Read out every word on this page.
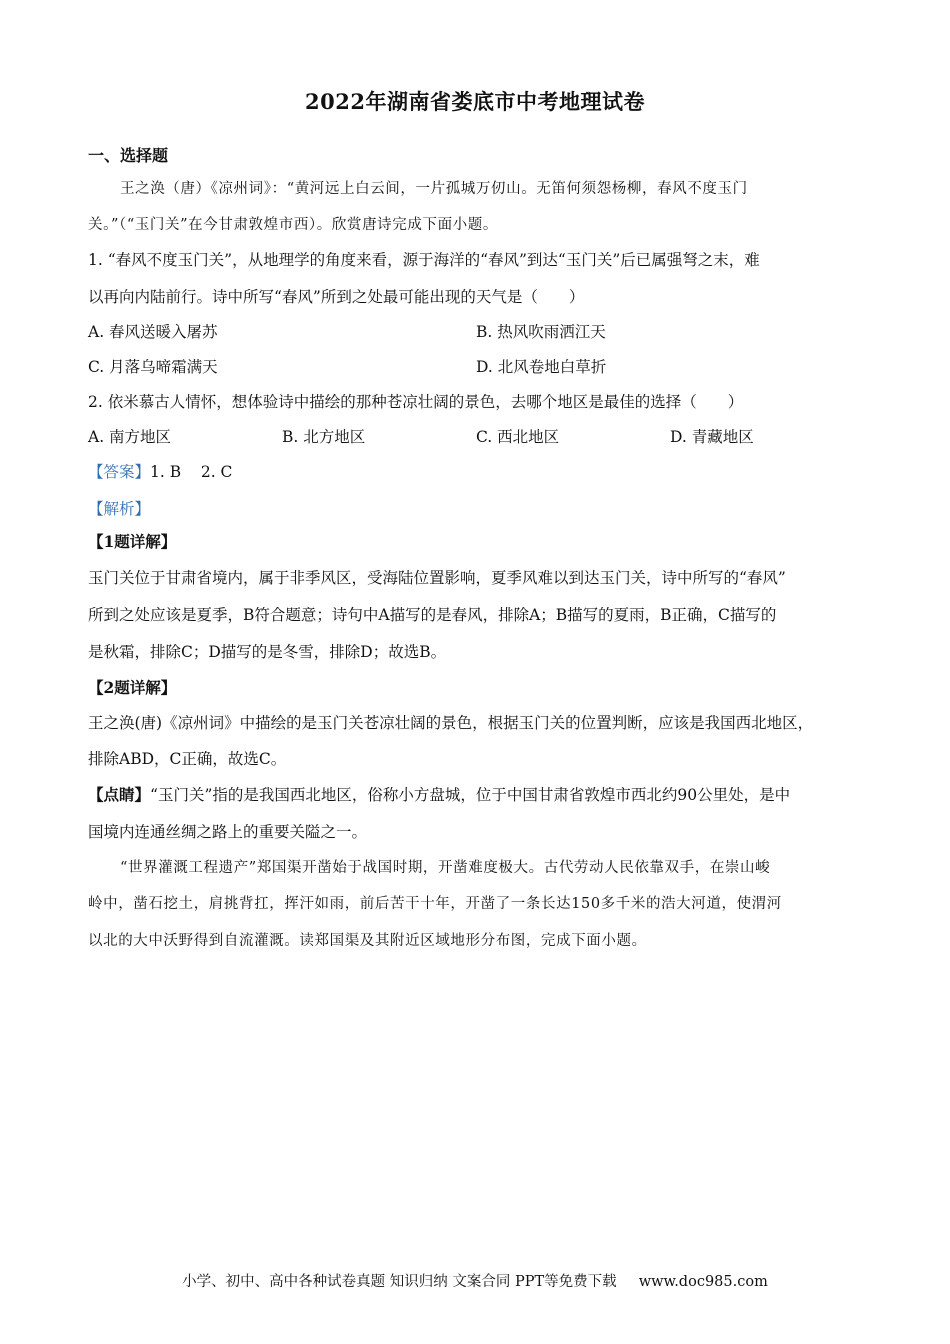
2022年湖南省娄底市中考地理试卷
一、选择题
王之涣（唐）《凉州词》：“黄河远上白云间，一片孤城万仞山。无笛何须怨杨柳，春风不度玉门
关。”（“玉门关”在今甘肃敦煌市西）。欣赏唐诗完成下面小题。
1. “春风不度玉门关”，从地理学的角度来看，源于海洋的“春风”到达“玉门关”后已属强弩之末，难
以再向内陆前行。诗中所写“春风”所到之处最可能出现的天气是（　　）
A. 春风送暖入屠苏	B. 热风吹雨洒江天
C. 月落乌啼霜满天	D. 北风卷地白草折
2. 依米慕古人情怀，想体验诗中描绘的那种苍凉壮阔的景色，去哪个地区是最佳的选择（　　）
A. 南方地区	B. 北方地区	C. 西北地区	D. 青藏地区
【答案】1. B    2. C
【解析】
【1题详解】
玉门关位于甘肃省境内，属于非季风区，受海陆位置影响，夏季风难以到达玉门关，诗中所写的“春风”
所到之处应该是夏季，B符合题意；诗句中A描写的是春风，排除A；B描写的夏雨，B正确，C描写的
是秋霜，排除C；D描写的是冬雪，排除D；故选B。
【2题详解】
王之涣(唐)《凉州词》中描绘的是玉门关苍凉壮阔的景色，根据玉门关的位置判断，应该是我国西北地区，
排除ABD，C正确，故选C。
【点睛】“玉门关”指的是我国西北地区，俗称小方盘城，位于中国甘肃省敦煌市西北约90公里处，是中
国境内连通丝绸之路上的重要关隘之一。
“世界灌溉工程遗产”郑国渠开凿始于战国时期，开凿难度极大。古代劳动人民依靠双手，在崇山峻
岭中，凿石挖土，肩挑背扛，挥汗如雨，前后苦干十年，开凿了一条长达150多千米的浩大河道，使渭河
以北的大中沃野得到自流灌溉。读郑国渠及其附近区域地形分布图，完成下面小题。
小学、初中、高中各种试卷真题 知识归纳 文案合同 PPT等免费下载 www.doc985.com
